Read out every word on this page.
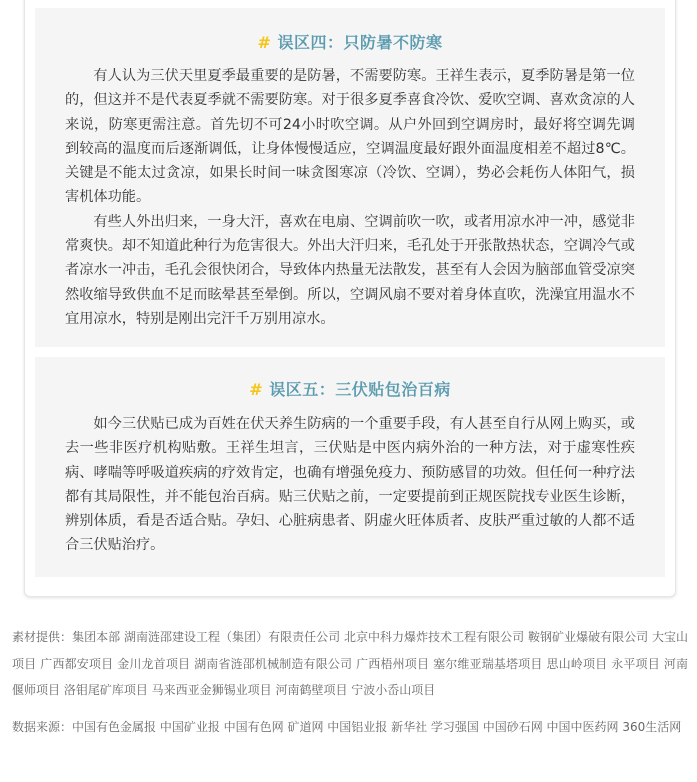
# 误区四：只防暑不防寒

有人认为三伏天里夏季最重要的是防暑，不需要防寒。王祥生表示，夏季防暑是第一位的，但这并不是代表夏季就不需要防寒。对于很多夏季喜食冷饮、爱吹空调、喜欢贪凉的人来说，防寒更需注意。首先切不可24小时吹空调。从户外回到空调房时，最好将空调先调到较高的温度而后逐渐调低，让身体慢慢适应，空调温度最好跟外面温度相差不超过8℃。关键是不能太过贪凉，如果长时间一味贪图寒凉（冷饮、空调），势必会耗伤人体阳气，损害机体功能。

有些人外出归来，一身大汗，喜欢在电扇、空调前吹一吹，或者用凉水冲一冲，感觉非常爽快。却不知道此种行为危害很大。外出大汗归来，毛孔处于开张散热状态，空调冷气或者凉水一冲击，毛孔会很快闭合，导致体内热量无法散发，甚至有人会因为脑部血管受凉突然收缩导致供血不足而眩晕甚至晕倒。所以，空调风扇不要对着身体直吹，洗澡宜用温水不宜用凉水，特别是刚出完汗千万别用凉水。

# 误区五：三伏贴包治百病

如今三伏贴已成为百姓在伏天养生防病的一个重要手段，有人甚至自行从网上购买，或去一些非医疗机构贴敷。王祥生坦言，三伏贴是中医内病外治的一种方法，对于虚寒性疾病、哮喘等呼吸道疾病的疗效肯定，也确有增强免疫力、预防感冒的功效。但任何一种疗法都有其局限性，并不能包治百病。贴三伏贴之前，一定要提前到正规医院找专业医生诊断，辨别体质，看是否适合贴。孕妇、心脏病患者、阴虚火旺体质者、皮肤严重过敏的人都不适合三伏贴治疗。

素材提供：集团本部 湖南涟邵建设工程（集团）有限责任公司 北京中科力爆炸技术工程有限公司 鞍钢矿业爆破有限公司 大宝山项目 广西都安项目 金川龙首项目 湖南省涟邵机械制造有限公司 广西梧州项目 塞尔维亚瑞基塔项目 思山岭项目 永平项目 河南偃师项目 洛钼尾矿库项目 马来西亚金狮锡业项目 河南鹤壁项目 宁波小岙山项目
数据来源：中国有色金属报 中国矿业报 中国有色网 矿道网 中国铝业报 新华社 学习强国 中国砂石网 中国中医药网 360生活网
